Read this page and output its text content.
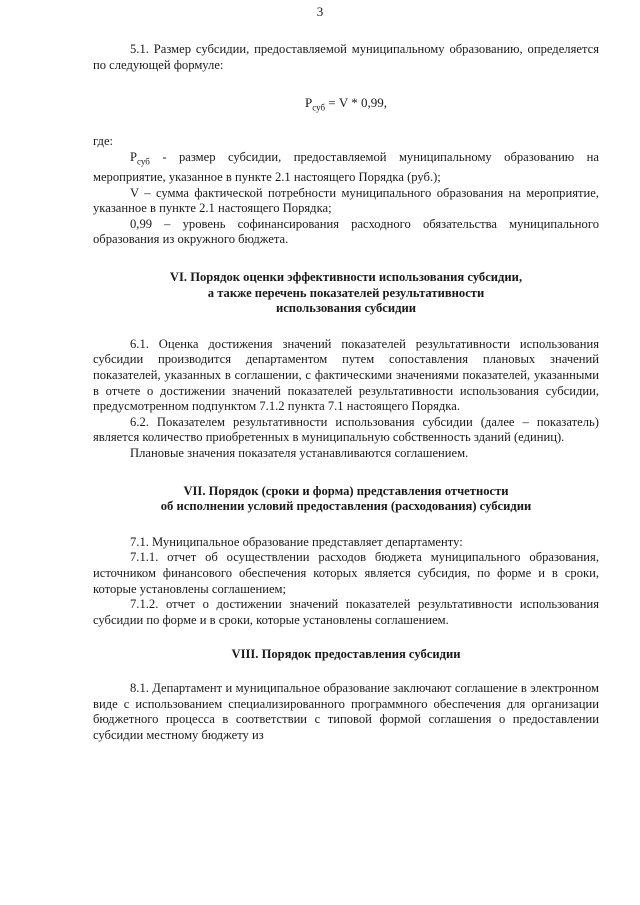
3

5.1. Размер субсидии, предоставляемой муниципальному образованию, определяется по следующей формуле:

$Р_{суб} = V * 0,99$,

где:

$Р_{суб}$ - размер субсидии, предоставляемой муниципальному образованию на мероприятие, указанное в пункте 2.1 настоящего Порядка (руб.);

V – сумма фактической потребности муниципального образования на мероприятие, указанное в пункте 2.1 настоящего Порядка;

0,99 – уровень софинансирования расходного обязательства муниципального образования из окружного бюджета.

VI. Порядок оценки эффективности использования субсидии,
а также перечень показателей результативности
использования субсидии

6.1. Оценка достижения значений показателей результативности использования субсидии производится департаментом путем сопоставления плановых значений показателей, указанных в соглашении, с фактическими значениями показателей, указанными в отчете о достижении значений показателей результативности использования субсидии, предусмотренном подпунктом 7.1.2 пункта 7.1 настоящего Порядка.

6.2. Показателем результативности использования субсидии (далее – показатель) является количество приобретенных в муниципальную собственность зданий (единиц).

Плановые значения показателя устанавливаются соглашением.

VII. Порядок (сроки и форма) представления отчетности
об исполнении условий предоставления (расходования) субсидии

7.1. Муниципальное образование представляет департаменту:

7.1.1. отчет об осуществлении расходов бюджета муниципального образования, источником финансового обеспечения которых является субсидия, по форме и в сроки, которые установлены соглашением;

7.1.2. отчет о достижении значений показателей результативности использования субсидии по форме и в сроки, которые установлены соглашением.

VIII. Порядок предоставления субсидии

8.1. Департамент и муниципальное образование заключают соглашение в электронном виде с использованием специализированного программного обеспечения для организации бюджетного процесса в соответствии с типовой формой соглашения о предоставлении субсидии местному бюджету из
